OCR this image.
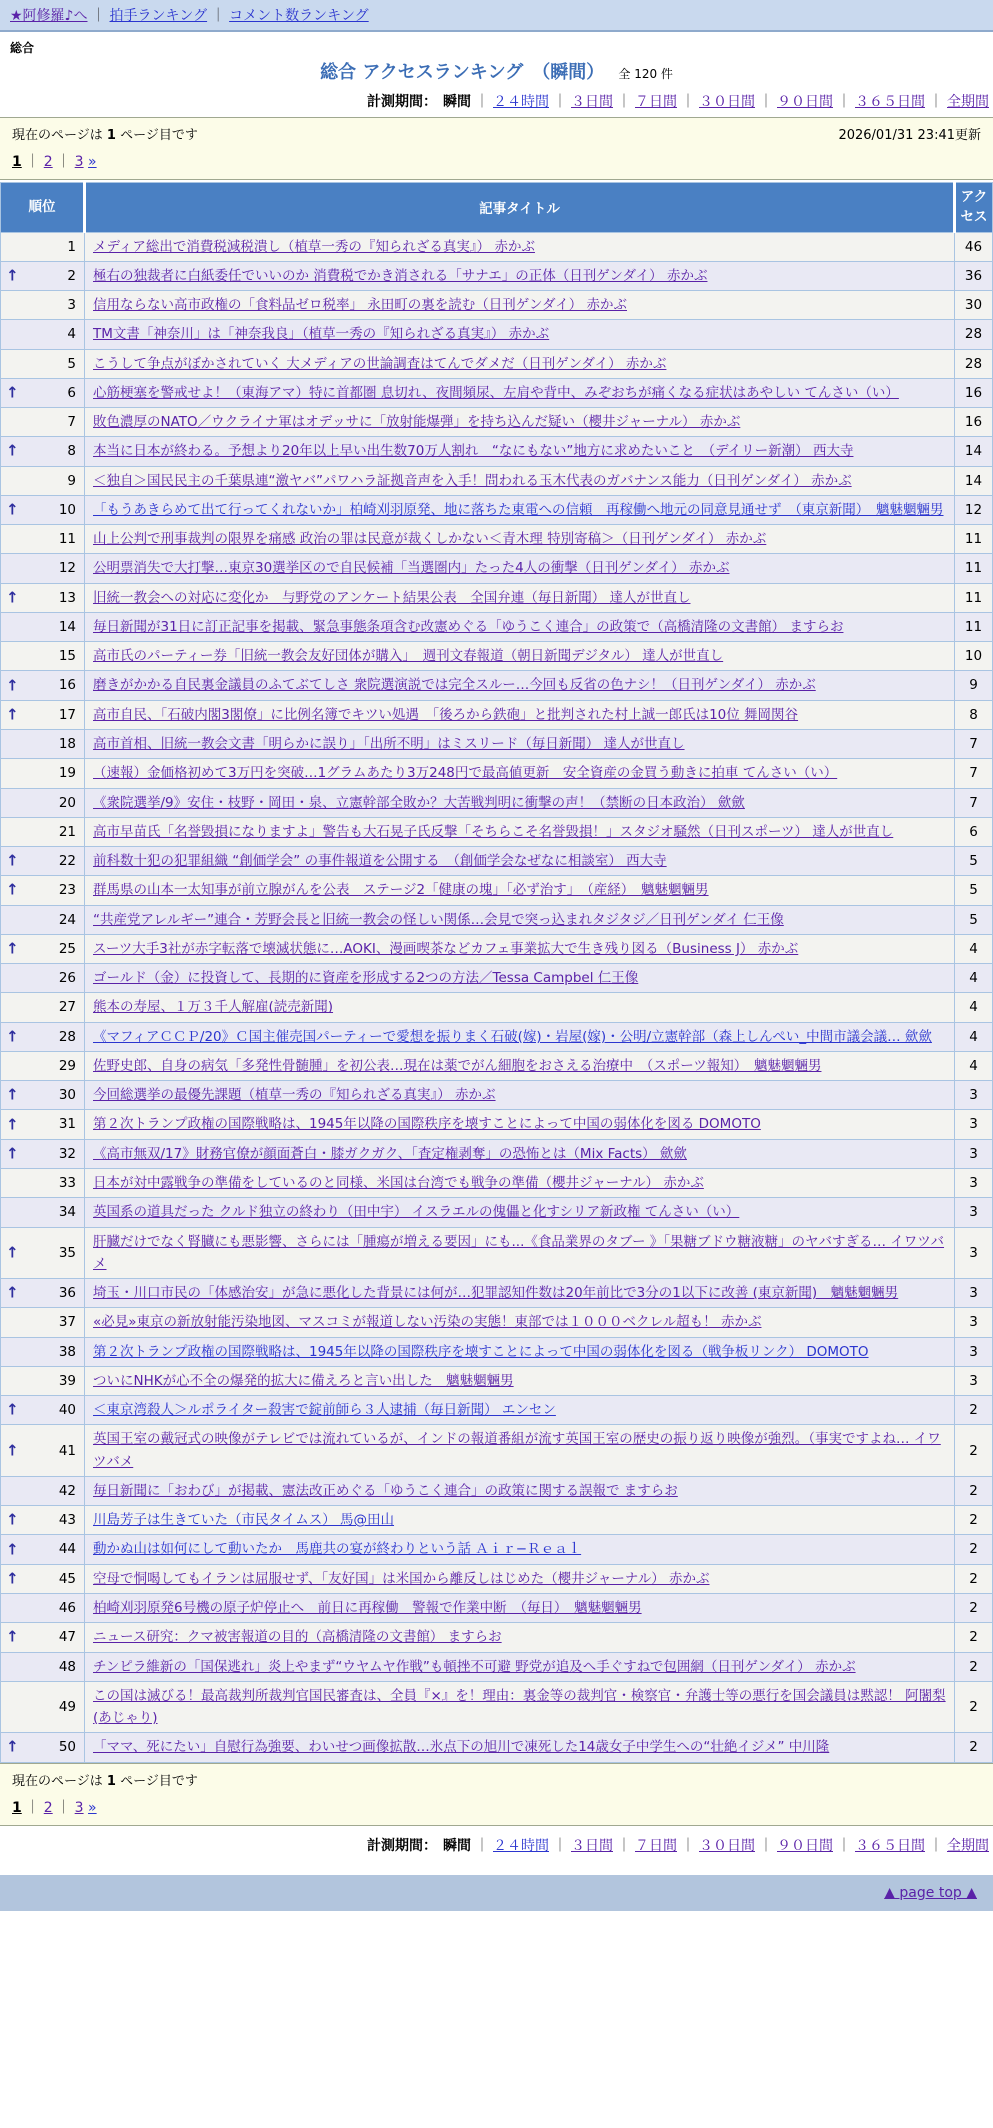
★阿修羅♪へ ｜ 拍手ランキング ｜ コメント数ランキング
総合
総合 アクセスランキング　（瞬間） 全 120 件
計測期間： 瞬間 ｜ ２４時間 ｜ ３日間 ｜ ７日間 ｜ ３０日間 ｜ ９０日間 ｜ ３６５日間 ｜ 全期間
現在のページは 1 ページ目です	2026/01/31 23:41更新
1 ｜ 2 ｜ 3 »
順位	記事タイトル	アクセス

1	メディア総出で消費税減税潰し（植草一秀の『知られざる真実』） 赤かぶ	46

↑ 2	極右の独裁者に白紙委任でいいのか 消費税でかき消される「サナエ」の正体（日刊ゲンダイ） 赤かぶ	36

3	信用ならない高市政権の「食料品ゼロ税率」 永田町の裏を読む（日刊ゲンダイ） 赤かぶ	30

4	TM文書「神奈川」は「神奈我良」（植草一秀の『知られざる真実』） 赤かぶ	28

5	こうして争点がぼかされていく 大メディアの世論調査はてんでダメだ（日刊ゲンダイ） 赤かぶ	28

↑ 6	心筋梗塞を警戒せよ！（東海アマ）特に首都圏 息切れ、夜間頻尿、左肩や背中、みぞおちが痛くなる症状はあやしい てんさい（い）	16

7	敗色濃厚のNATO／ウクライナ軍はオデッサに「放射能爆弾」を持ち込んだ疑い（櫻井ジャーナル） 赤かぶ	16

↑ 8	本当に日本が終わる。予想より20年以上早い出生数70万人割れ　“なにもない”地方に求めたいこと　（デイリー新潮） 西大寺	14

9	＜独自＞国民民主の千葉県連“激ヤバ”パワハラ証拠音声を入手！問われる玉木代表のガバナンス能力（日刊ゲンダイ） 赤かぶ	14

↑ 10	「もうあきらめて出て行ってくれないか」柏崎刈羽原発、地に落ちた東電への信頼　再稼働へ地元の同意見通せず　（東京新聞）　魑魅魍魎男	12

11	山上公判で刑事裁判の限界を痛感 政治の罪は民意が裁くしかない＜青木理 特別寄稿＞（日刊ゲンダイ） 赤かぶ	11

12	公明票消失で大打撃…東京30選挙区ので自民候補「当選圏内」たった4人の衝撃（日刊ゲンダイ） 赤かぶ	11

↑ 13	旧統一教会への対応に変化か　与野党のアンケート結果公表　全国弁連（毎日新聞） 達人が世直し	11

14	毎日新聞が31日に訂正記事を掲載、緊急事態条項含む改憲めぐる「ゆうこく連合」の政策で（高橋清隆の文書館） ますらお	11

15	高市氏のパーティー券「旧統一教会友好団体が購入」　週刊文春報道（朝日新聞デジタル） 達人が世直し	10

↑ 16	磨きがかかる自民裏金議員のふてぶてしさ 衆院選演説では完全スルー…今回も反省の色ナシ！（日刊ゲンダイ） 赤かぶ	9

↑ 17	高市自民、「石破内閣3閣僚」に比例名簿でキツい処遇　「後ろから鉄砲」と批判された村上誠一郎氏は10位 舞岡関谷	8

18	高市首相、旧統一教会文書「明らかに誤り」「出所不明」はミスリード（毎日新聞） 達人が世直し	7

19	（速報）金価格初めて3万円を突破…1グラムあたり3万248円で最高値更新　安全資産の金買う動きに拍車 てんさい（い）	7

20	《衆院選挙/9》安住・枝野・岡田・泉、立憲幹部全敗か？大苦戦判明に衝撃の声！（禁断の日本政治） 歛歛	7

21	高市早苗氏「名誉毀損になりますよ」警告も大石晃子氏反撃「そちらこそ名誉毀損！」スタジオ騒然（日刊スポーツ） 達人が世直し	6

↑ 22	前科数十犯の犯罪組織 “創価学会” の事件報道を公開する　（創価学会なぜなに相談室） 西大寺	5

↑ 23	群馬県の山本一太知事が前立腺がんを公表　ステージ2「健康の塊」「必ず治す」　（産経）　魑魅魍魎男	5

24	“共産党アレルギー”連合・芳野会長と旧統一教会の怪しい関係…会見で突っ込まれタジタジ／日刊ゲンダイ 仁王像	5

↑ 25	スーツ大手3社が赤字転落で壊滅状態に…AOKI、漫画喫茶などカフェ事業拡大で生き残り図る（Business J） 赤かぶ	4

26	ゴールド（金）に投資して、長期的に資産を形成する2つの方法／Tessa Campbel 仁王像	4

27	熊本の寿屋、１万３千人解雇(読売新聞)	4

↑ 28	《マフィアＣＣＰ/20》Ｃ国主催売国パーティーで愛想を振りまく石破(嫁)・岩屋(嫁)・公明/立憲幹部（森上しんぺい_中間市議会議… 歛歛	4

29	佐野史郎、自身の病気「多発性骨髄腫」を初公表…現在は薬でがん細胞をおさえる治療中　（スポーツ報知）　魑魅魍魎男	4

↑ 30	今回総選挙の最優先課題（植草一秀の『知られざる真実』） 赤かぶ	3

↑ 31	第２次トランプ政権の国際戦略は、1945年以降の国際秩序を壊すことによって中国の弱体化を図る DOMOTO	3

↑ 32	《高市無双/17》財務官僚が顔面蒼白・膝ガクガク、「査定権剥奪」の恐怖とは（Mix Facts） 歛歛	3

33	日本が対中露戦争の準備をしているのと同様、米国は台湾でも戦争の準備（櫻井ジャーナル） 赤かぶ	3

34	英国系の道具だった クルド独立の終わり（田中宇） イスラエルの傀儡と化すシリア新政権 てんさい（い）	3

↑ 35	肝臓だけでなく腎臓にも悪影響、さらには「腫瘍が増える要因」にも...《食品業界のタブー 》「果糖ブドウ糖液糖」のヤバすぎる… イワツバメ	3

↑ 36	埼玉・川口市民の「体感治安」が急に悪化した背景には何が…犯罪認知件数は20年前比で3分の1以下に改善 (東京新聞)　魑魅魍魎男	3

37	«必見»東京の新放射能汚染地図、マスコミが報道しない汚染の実態！東部では１０００ベクレル超も！ 赤かぶ	3

38	第２次トランプ政権の国際戦略は、1945年以降の国際秩序を壊すことによって中国の弱体化を図る（戦争板リンク） DOMOTO	3

39	ついにNHKが心不全の爆発的拡大に備えろと言い出した　魑魅魍魎男	3

↑ 40	＜東京湾殺人＞ルポライター殺害で錠前師ら３人逮捕（毎日新聞） エンセン	2

↑ 41	英国王室の戴冠式の映像がテレビでは流れているが、インドの報道番組が流す英国王室の歴史の振り返り映像が強烈。（事実ですよね… イワツバメ	2

42	毎日新聞に「おわび」が掲載、憲法改正めぐる「ゆうこく連合」の政策に関する誤報で ますらお	2

↑ 43	川島芳子は生きていた（市民タイムス） 馬@田山	2

↑ 44	動かぬ山は如何にして動いたか　馬鹿共の宴が終わりという話 Ａｉｒ−Ｒｅａｌ	2

↑ 45	空母で恫喝してもイランは屈服せず、「友好国」は米国から離反しはじめた（櫻井ジャーナル） 赤かぶ	2

46	柏崎刈羽原発6号機の原子炉停止へ　前日に再稼働　警報で作業中断　（毎日）　魑魅魍魎男	2

↑ 47	ニュース研究：クマ被害報道の目的（高橋清隆の文書館） ますらお	2

48	チンピラ維新の「国保逃れ」炎上やまず“ウヤムヤ作戦”も頓挫不可避 野党が追及へ手ぐすねで包囲網（日刊ゲンダイ） 赤かぶ	2

49	この国は滅びる！最高裁判所裁判官国民審査は、全員『×』を！理由：裏金等の裁判官・検察官・弁護士等の悪行を国会議員は黙認！ 阿闍梨(あじゃり)	2

↑ 50	「ママ、死にたい」自慰行為強要、わいせつ画像拡散…氷点下の旭川で凍死した14歳女子中学生への“壮絶イジメ” 中川隆	2
現在のページは 1 ページ目です
1 ｜ 2 ｜ 3 »
計測期間： 瞬間 ｜ ２４時間 ｜ ３日間 ｜ ７日間 ｜ ３０日間 ｜ ９０日間 ｜ ３６５日間 ｜ 全期間
▲ page top ▲
